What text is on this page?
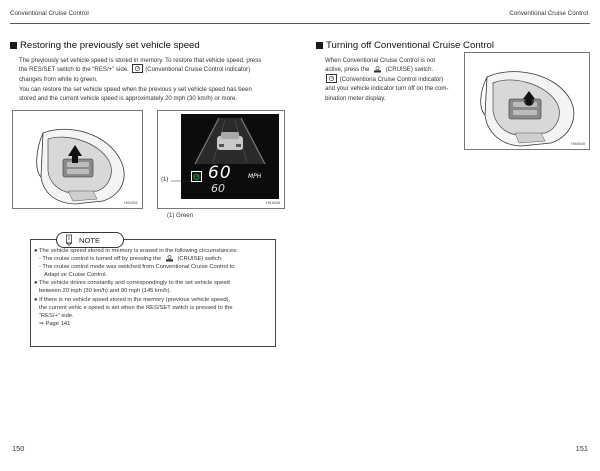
Conventional Cruise Control	Conventional Cruise Control
Restoring the previously set vehicle speed
The previously set vehicle speed is stored in memory. To restore that vehicle speed, press
the RES/SET switch to the “RES/+” side.	(Conventional Cruise Control indicator)
changes from white to green.
You can restore the set vehicle speed when the previous y set vehicle speed has been
stored and the current vehicle speed is approximately 20 mph (30 km/h) or more.
H00911
60	MPH
60
(1)
H01636
(1) Green
NOTE
● The vehicle speed stored in memory is erased in the following circumstances:
- The cruise control is turned off by pressing the	(CRUISE) switch.
- The cruise control mode was switched from Conventional Cruise Control to
Adapt ve Cruise Control.
● The vehicle drives constantly and correspondingly to the set vehicle speed
between 20 mph (30 km/h) and 90 mph (145 km/h).
● If there is no vehicle speed stored in the memory (previous vehicle speed),
the current vehic e speed is set when the RES/SET switch is pressed to the
“RES/+” side.
⇒ Page 141
Turning off Conventional Cruise Control
When Conventional Cruise Control is not
active, press the	(CRUISE) switch.
(Conventiona Cruise Control indicator)
and your vehicle indicator turn off on the com-
bination meter display.
H00549
150	151
